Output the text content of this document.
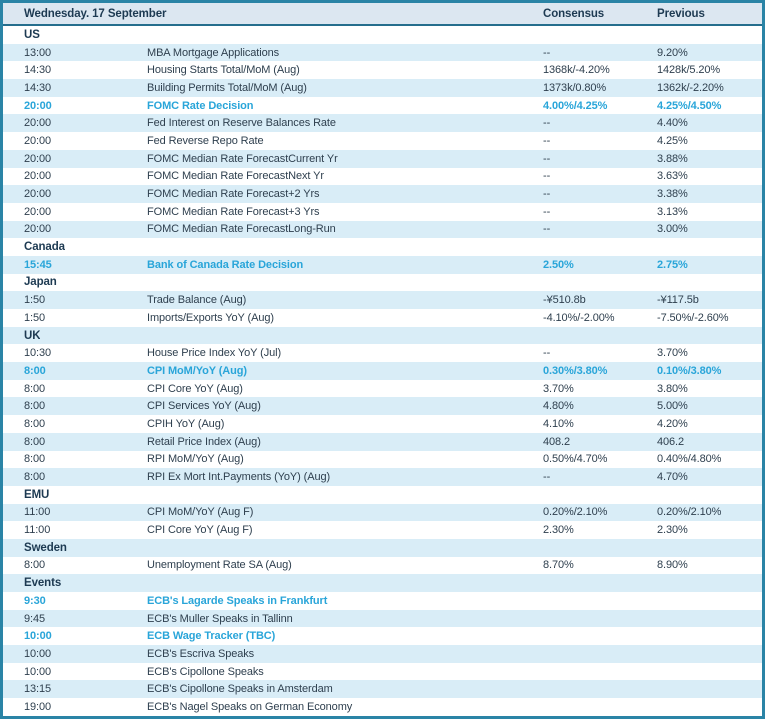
Wednesday. 17 September	Consensus	Previous
US
13:00	MBA Mortgage Applications	--	9.20%
14:30	Housing Starts Total/MoM (Aug)	1368k/-4.20%	1428k/5.20%
14:30	Building Permits Total/MoM (Aug)	1373k/0.80%	1362k/-2.20%
20:00	FOMC Rate Decision	4.00%/4.25%	4.25%/4.50%
20:00	Fed Interest on Reserve Balances Rate	--	4.40%
20:00	Fed Reverse Repo Rate	--	4.25%
20:00	FOMC Median Rate ForecastCurrent Yr	--	3.88%
20:00	FOMC Median Rate ForecastNext Yr	--	3.63%
20:00	FOMC Median Rate Forecast+2 Yrs	--	3.38%
20:00	FOMC Median Rate Forecast+3 Yrs	--	3.13%
20:00	FOMC Median Rate ForecastLong-Run	--	3.00%
Canada
15:45	Bank of Canada Rate Decision	2.50%	2.75%
Japan
1:50	Trade Balance (Aug)	-¥510.8b	-¥117.5b
1:50	Imports/Exports YoY (Aug)	-4.10%/-2.00%	-7.50%/-2.60%
UK
10:30	House Price Index YoY (Jul)	--	3.70%
8:00	CPI MoM/YoY (Aug)	0.30%/3.80%	0.10%/3.80%
8:00	CPI Core YoY (Aug)	3.70%	3.80%
8:00	CPI Services YoY (Aug)	4.80%	5.00%
8:00	CPIH YoY (Aug)	4.10%	4.20%
8:00	Retail Price Index (Aug)	408.2	406.2
8:00	RPI MoM/YoY (Aug)	0.50%/4.70%	0.40%/4.80%
8:00	RPI Ex Mort Int.Payments (YoY) (Aug)	--	4.70%
EMU
11:00	CPI MoM/YoY (Aug F)	0.20%/2.10%	0.20%/2.10%
11:00	CPI Core YoY (Aug F)	2.30%	2.30%
Sweden
8:00	Unemployment Rate SA (Aug)	8.70%	8.90%
Events
9:30	ECB's Lagarde Speaks in Frankfurt
9:45	ECB's Muller Speaks in Tallinn
10:00	ECB Wage Tracker (TBC)
10:00	ECB's Escriva Speaks
10:00	ECB's Cipollone Speaks
13:15	ECB's Cipollone Speaks in Amsterdam
19:00	ECB's Nagel Speaks on German Economy
